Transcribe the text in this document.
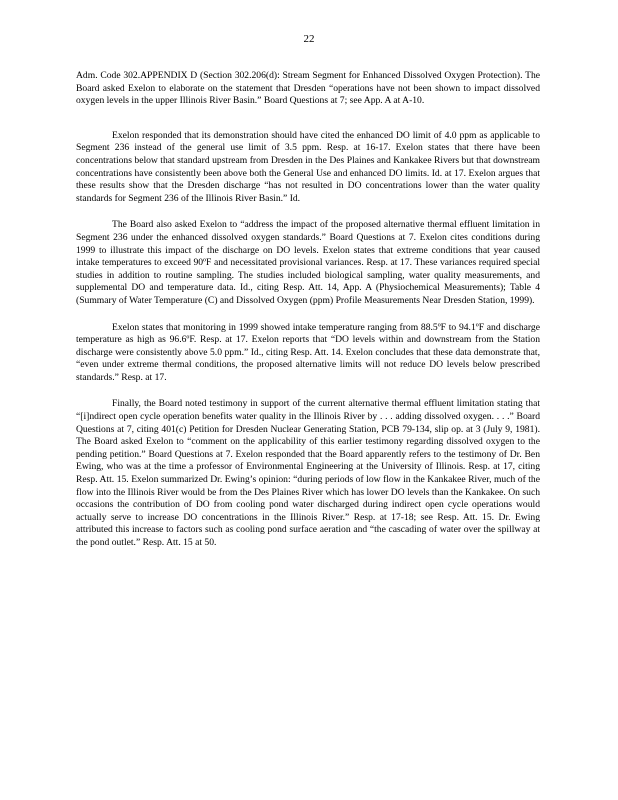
22

Adm. Code 302.APPENDIX D (Section 302.206(d): Stream Segment for Enhanced Dissolved Oxygen Protection). The Board asked Exelon to elaborate on the statement that Dresden “operations have not been shown to impact dissolved oxygen levels in the upper Illinois River Basin.” Board Questions at 7; see App. A at A-10.

Exelon responded that its demonstration should have cited the enhanced DO limit of 4.0 ppm as applicable to Segment 236 instead of the general use limit of 3.5 ppm. Resp. at 16-17. Exelon states that there have been concentrations below that standard upstream from Dresden in the Des Plaines and Kankakee Rivers but that downstream concentrations have consistently been above both the General Use and enhanced DO limits. Id. at 17. Exelon argues that these results show that the Dresden discharge “has not resulted in DO concentrations lower than the water quality standards for Segment 236 of the Illinois River Basin.” Id.

The Board also asked Exelon to “address the impact of the proposed alternative thermal effluent limitation in Segment 236 under the enhanced dissolved oxygen standards.” Board Questions at 7. Exelon cites conditions during 1999 to illustrate this impact of the discharge on DO levels. Exelon states that extreme conditions that year caused intake temperatures to exceed 90ºF and necessitated provisional variances. Resp. at 17. These variances required special studies in addition to routine sampling. The studies included biological sampling, water quality measurements, and supplemental DO and temperature data. Id., citing Resp. Att. 14, App. A (Physiochemical Measurements); Table 4 (Summary of Water Temperature (C) and Dissolved Oxygen (ppm) Profile Measurements Near Dresden Station, 1999).

Exelon states that monitoring in 1999 showed intake temperature ranging from 88.5ºF to 94.1ºF and discharge temperature as high as 96.6ºF. Resp. at 17. Exelon reports that “DO levels within and downstream from the Station discharge were consistently above 5.0 ppm.” Id., citing Resp. Att. 14. Exelon concludes that these data demonstrate that, “even under extreme thermal conditions, the proposed alternative limits will not reduce DO levels below prescribed standards.” Resp. at 17.

Finally, the Board noted testimony in support of the current alternative thermal effluent limitation stating that “[i]ndirect open cycle operation benefits water quality in the Illinois River by . . . adding dissolved oxygen. . . .” Board Questions at 7, citing 401(c) Petition for Dresden Nuclear Generating Station, PCB 79-134, slip op. at 3 (July 9, 1981). The Board asked Exelon to “comment on the applicability of this earlier testimony regarding dissolved oxygen to the pending petition.” Board Questions at 7. Exelon responded that the Board apparently refers to the testimony of Dr. Ben Ewing, who was at the time a professor of Environmental Engineering at the University of Illinois. Resp. at 17, citing Resp. Att. 15. Exelon summarized Dr. Ewing’s opinion: “during periods of low flow in the Kankakee River, much of the flow into the Illinois River would be from the Des Plaines River which has lower DO levels than the Kankakee. On such occasions the contribution of DO from cooling pond water discharged during indirect open cycle operations would actually serve to increase DO concentrations in the Illinois River.” Resp. at 17-18; see Resp. Att. 15. Dr. Ewing attributed this increase to factors such as cooling pond surface aeration and “the cascading of water over the spillway at the pond outlet.” Resp. Att. 15 at 50.
